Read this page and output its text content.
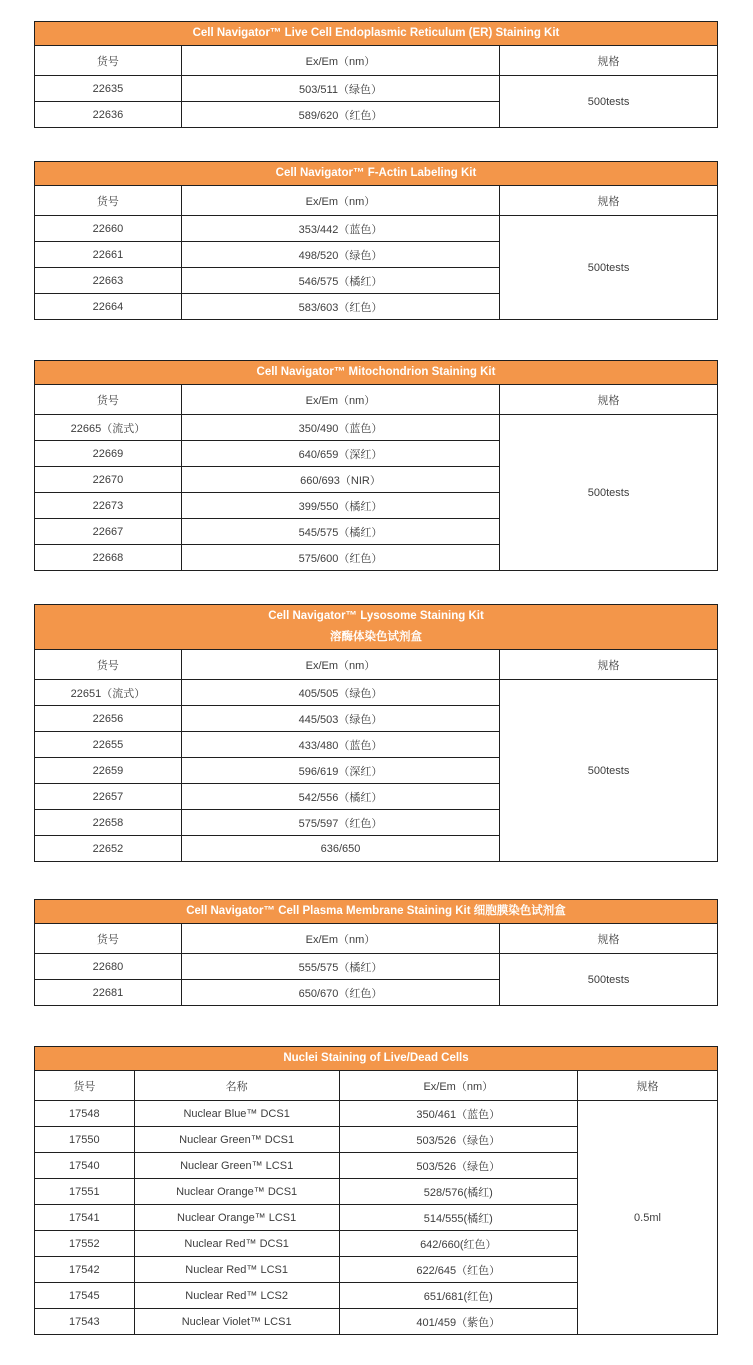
Cell Navigator™ Live Cell Endoplasmic Reticulum (ER) Staining Kit		

货号	Ex/Em（nm）	规格
22635	503/511（绿色）	500tests
22636	589/620（红色）	
Cell Navigator™ F-Actin Labeling Kit		

货号	Ex/Em（nm）	规格
22660	353/442（蓝色）	500tests
22661	498/520（绿色）	
22663	546/575（橘红）	
22664	583/603（红色）	
Cell Navigator™ Mitochondrion Staining Kit		

货号	Ex/Em（nm）	规格
22665（流式）	350/490（蓝色）	500tests
22669	640/659（深红）	
22670	660/693（NIR）	
22673	399/550（橘红）	
22667	545/575（橘红）	
22668	575/600（红色）	
Cell Navigator™ Lysosome Staining Kit
溶酶体染色试剂盒		

货号	Ex/Em（nm）	规格
22651（流式）	405/505（绿色）	500tests
22656	445/503（绿色）	
22655	433/480（蓝色）	
22659	596/619（深红）	
22657	542/556（橘红）	
22658	575/597（红色）	
22652	636/650	
Cell Navigator™ Cell Plasma Membrane Staining Kit 细胞膜染色试剂盒		

货号	Ex/Em（nm）	规格
22680	555/575（橘红）	500tests
22681	650/670（红色）	
Nuclei Staining of Live/Dead Cells			

货号	名称	Ex/Em（nm）	规格
17548	Nuclear Blue™ DCS1	350/461（蓝色）	0.5ml
17550	Nuclear Green™ DCS1	503/526（绿色）	
17540	Nuclear Green™ LCS1	503/526（绿色）	
17551	Nuclear Orange™ DCS1	528/576(橘红)	
17541	Nuclear Orange™ LCS1	514/555(橘红)	
17552	Nuclear Red™ DCS1	642/660(红色）	
17542	Nuclear Red™ LCS1	622/645（红色）	
17545	Nuclear Red™ LCS2	651/681(红色)	
17543	Nuclear Violet™ LCS1	401/459（紫色）	
